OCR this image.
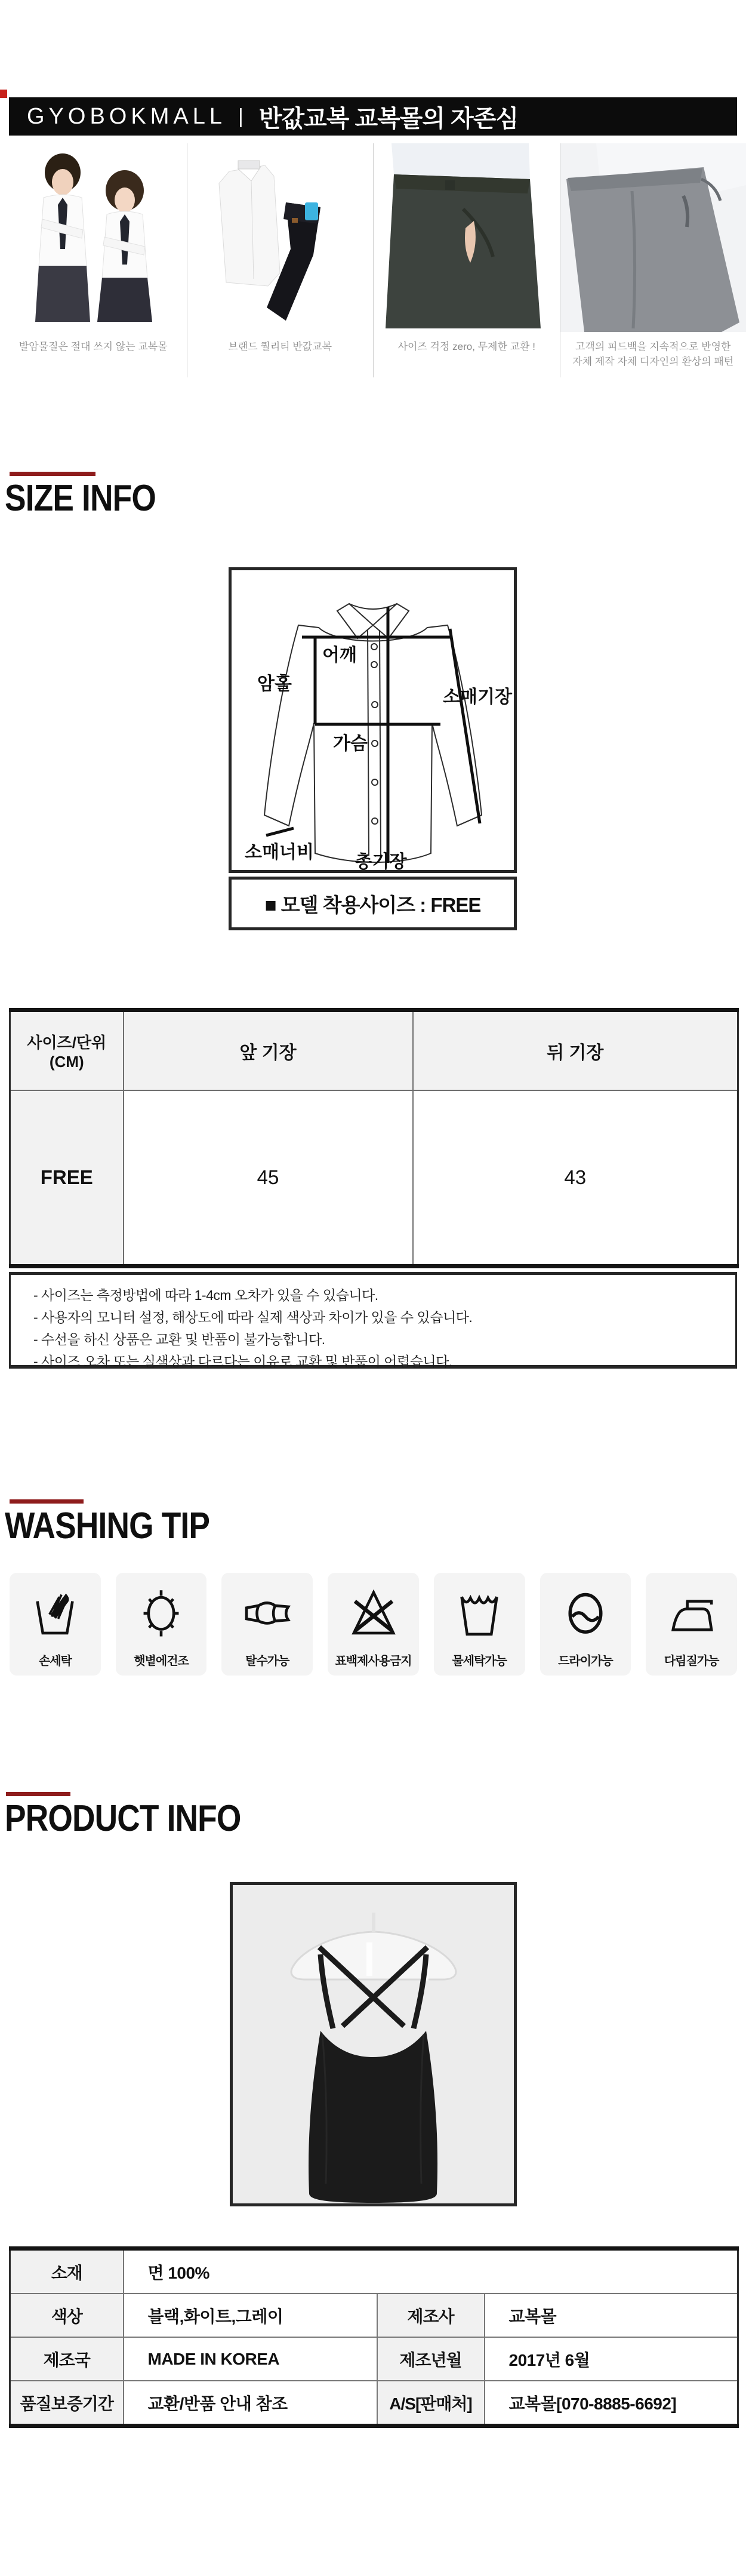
GYOBOKMALL | 반값교복 교복몰의 자존심
발암물질은 절대 쓰지 않는 교복몰	브랜드 퀄리티 반값교복	사이즈 걱정 zero, 무제한 교환 !	고객의 피드백을 지속적으로 반영한
자체 제작 자체 디자인의 환상의 패턴
SIZE INFO
어깨
암홀
가슴
소매기장
소매너비 총기장
■ 모델 착용사이즈 : FREE
사이즈/단위(CM)	앞 기장	뒤 기장
FREE	45	43

- 사이즈는 측정방법에 따라 1-4cm 오차가 있을 수 있습니다.

- 사용자의 모니터 설정, 해상도에 따라 실제 색상과 차이가 있을 수 있습니다.

- 수선을 하신 상품은 교환 및 반품이 불가능합니다.

- 사이즈 오차 또는 실색상과 다르다는 이유로 교환 및 반품이 어렵습니다.

WASHING TIP
손세탁	햇볕에건조	탈수가능	표백제사용금지	물세탁가능	드라이가능	다림질가능
PRODUCT INFO
소재	면 100%		
색상	블랙,화이트,그레이	제조사	교복몰
제조국	MADE IN KOREA	제조년월	2017년 6월
품질보증기간	교환/반품 안내 참조	A/S[판매처]	교복몰[070-8885-6692]
